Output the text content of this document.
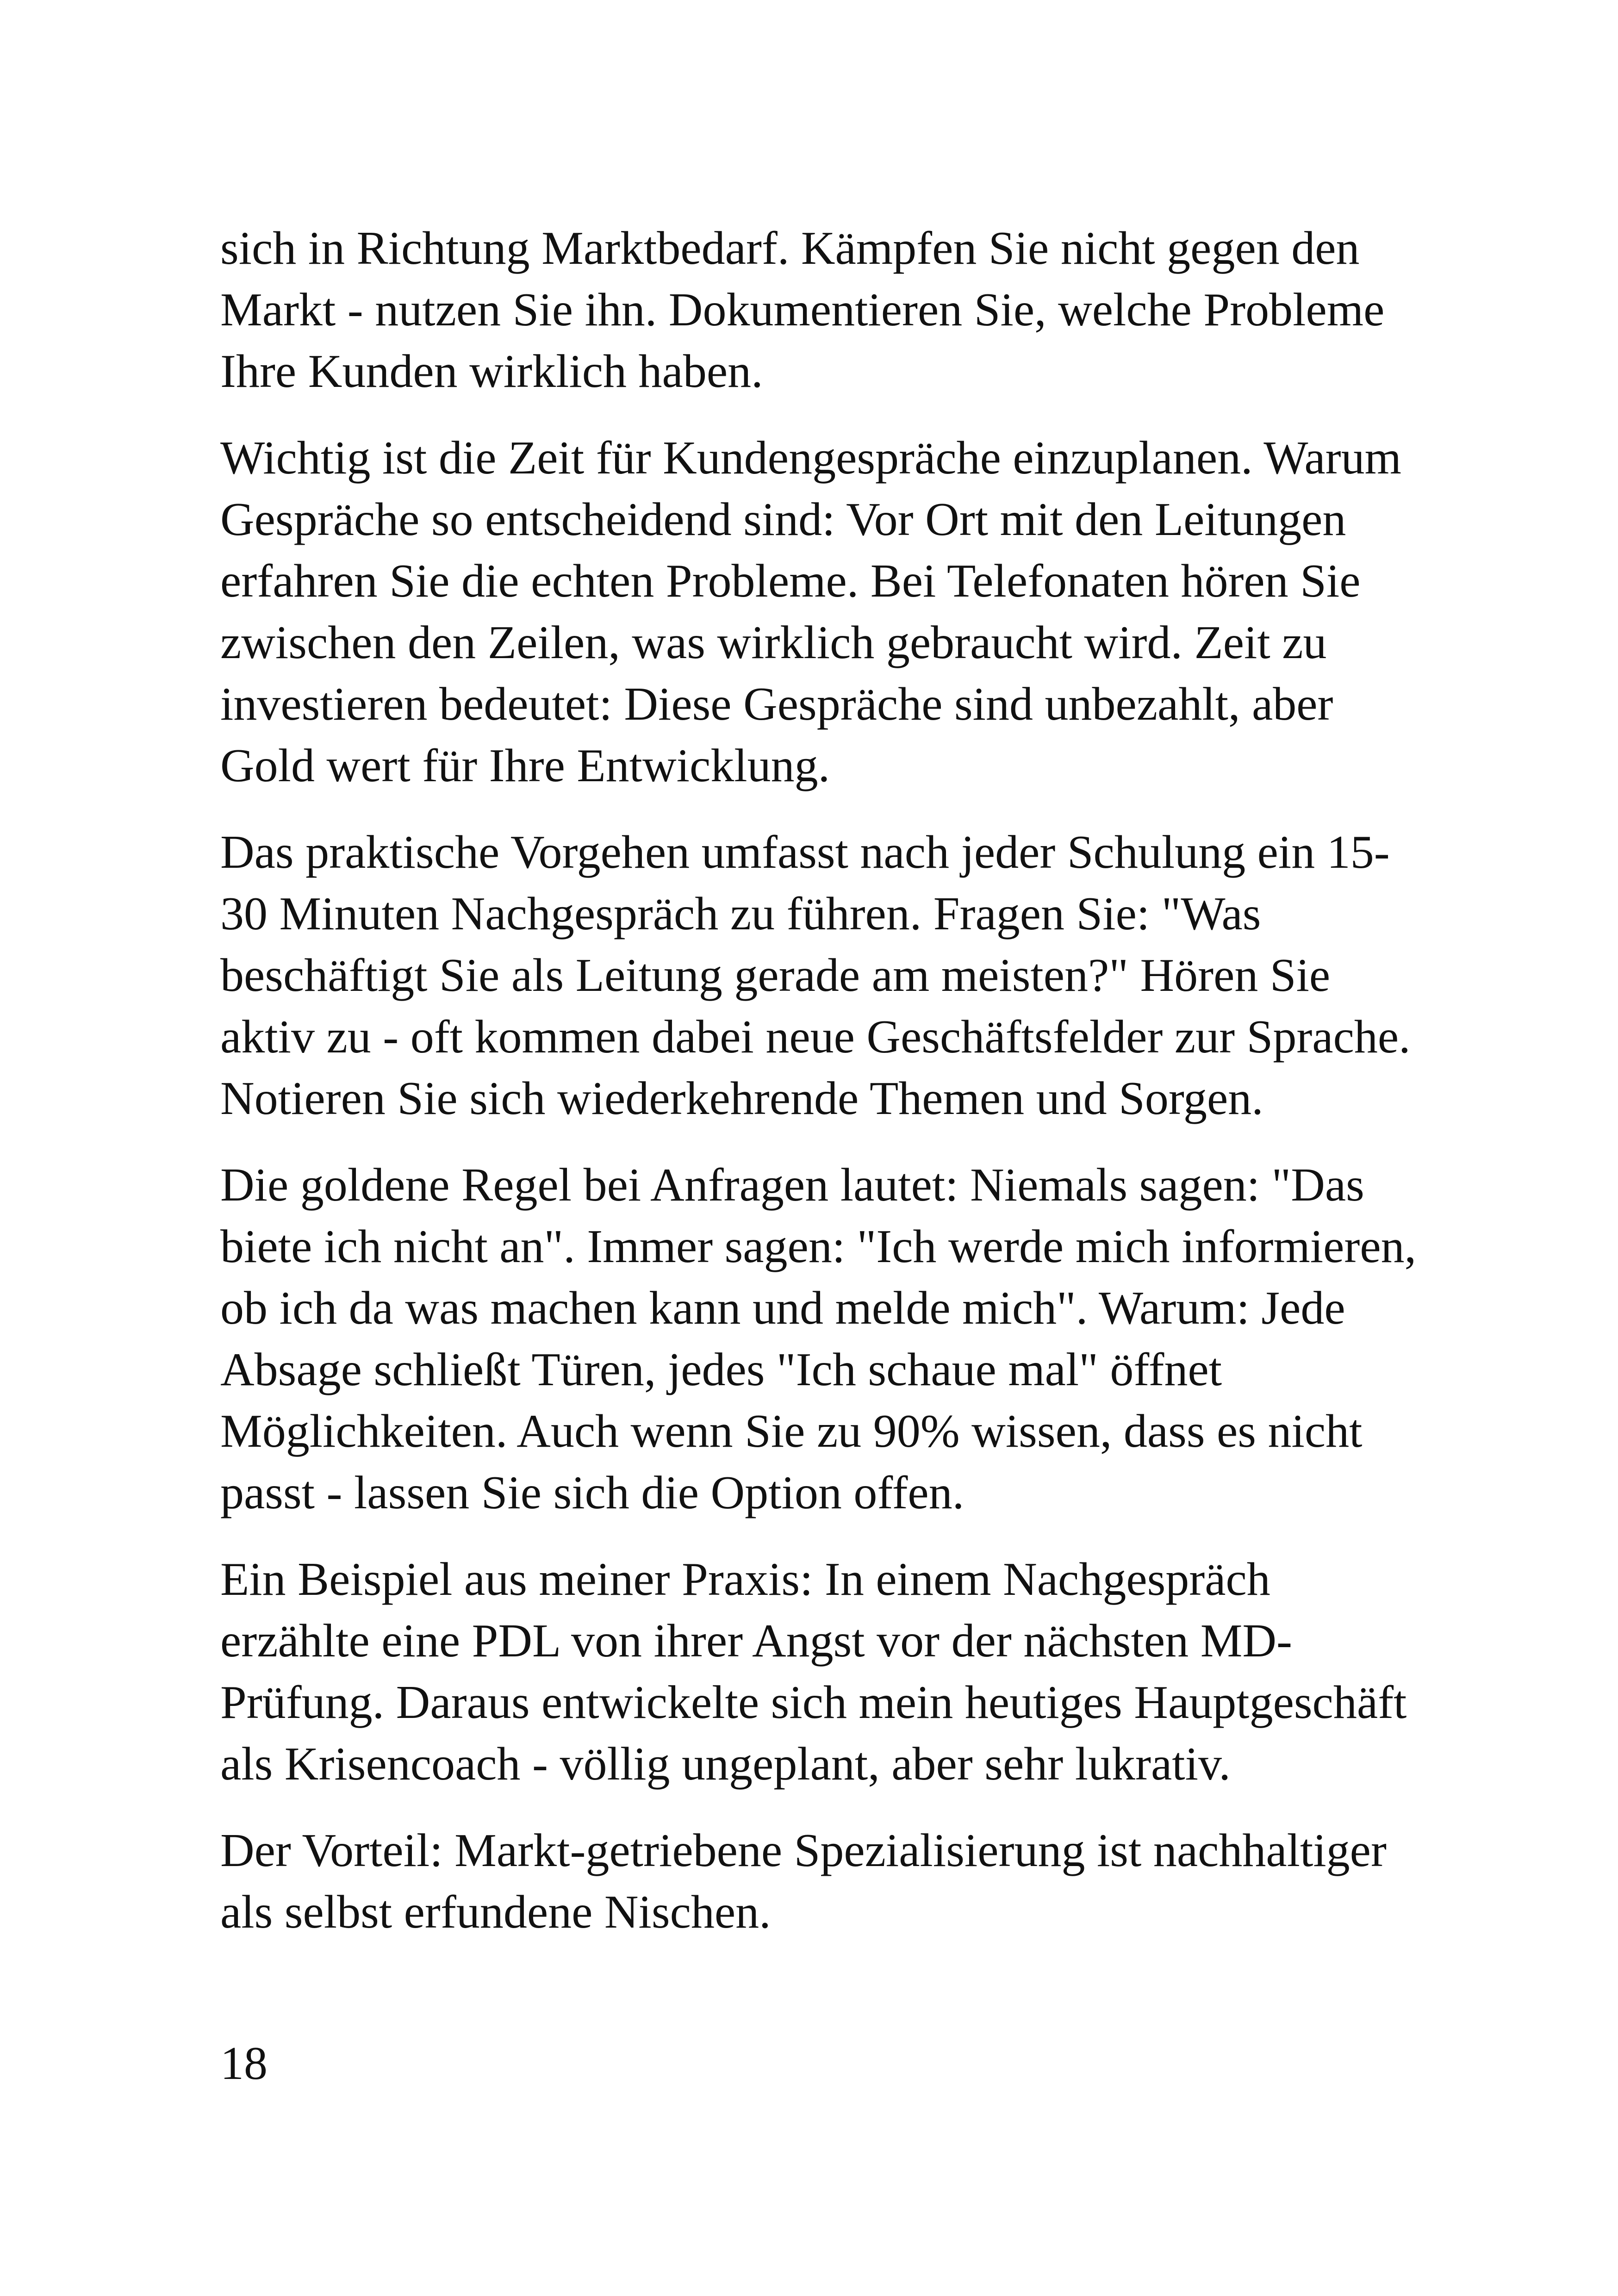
sich in Richtung Marktbedarf. Kämpfen Sie nicht gegen den
Markt - nutzen Sie ihn. Dokumentieren Sie, welche Probleme
Ihre Kunden wirklich haben.

Wichtig ist die Zeit für Kundengespräche einzuplanen. Warum
Gespräche so entscheidend sind: Vor Ort mit den Leitungen
erfahren Sie die echten Probleme. Bei Telefonaten hören Sie
zwischen den Zeilen, was wirklich gebraucht wird. Zeit zu
investieren bedeutet: Diese Gespräche sind unbezahlt, aber
Gold wert für Ihre Entwicklung.

Das praktische Vorgehen umfasst nach jeder Schulung ein 15-
30 Minuten Nachgespräch zu führen. Fragen Sie: "Was
beschäftigt Sie als Leitung gerade am meisten?" Hören Sie
aktiv zu - oft kommen dabei neue Geschäftsfelder zur Sprache.
Notieren Sie sich wiederkehrende Themen und Sorgen.

Die goldene Regel bei Anfragen lautet: Niemals sagen: "Das
biete ich nicht an". Immer sagen: "Ich werde mich informieren,
ob ich da was machen kann und melde mich". Warum: Jede
Absage schließt Türen, jedes "Ich schaue mal" öffnet
Möglichkeiten. Auch wenn Sie zu 90% wissen, dass es nicht
passt - lassen Sie sich die Option offen.

Ein Beispiel aus meiner Praxis: In einem Nachgespräch
erzählte eine PDL von ihrer Angst vor der nächsten MD-
Prüfung. Daraus entwickelte sich mein heutiges Hauptgeschäft
als Krisencoach - völlig ungeplant, aber sehr lukrativ.

Der Vorteil: Markt-getriebene Spezialisierung ist nachhaltiger
als selbst erfundene Nischen.

18
